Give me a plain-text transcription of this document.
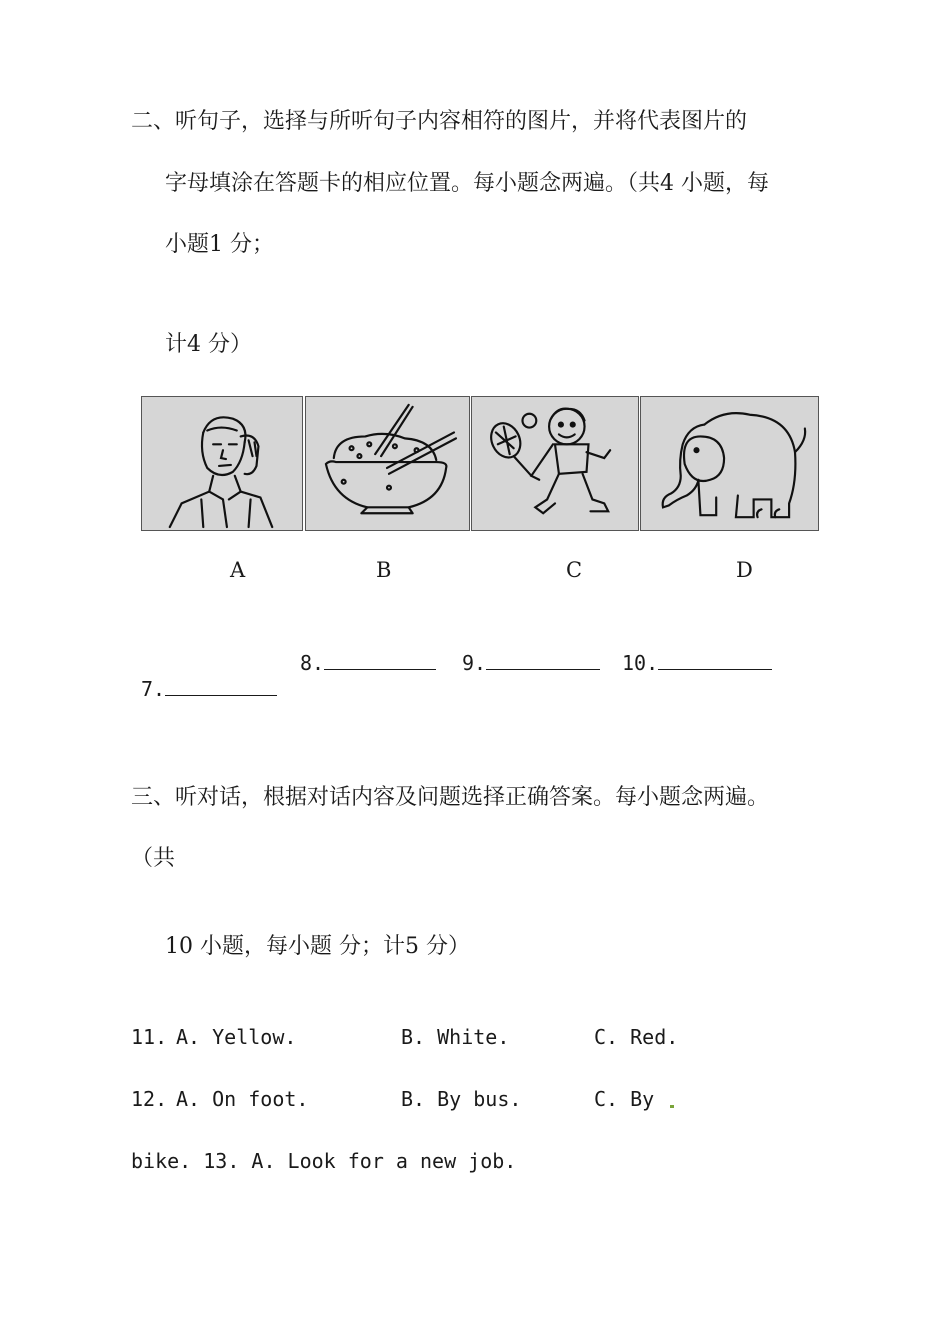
二、听句子，选择与所听句子内容相符的图片，并将代表图片的
字母填涂在答题卡的相应位置。每小题念两遍。（共4 小题，每
小题1 分；
计4 分）
A	B	C	D
8.	9.	10.
7.
三、听对话，根据对话内容及问题选择正确答案。每小题念两遍。
（共
10 小题，每小题 分；计5 分）
11. A. Yellow.	B. White.	C. Red.
12. A. On foot.	B. By bus.	C. By
bike. 13. A. Look for a new job.
